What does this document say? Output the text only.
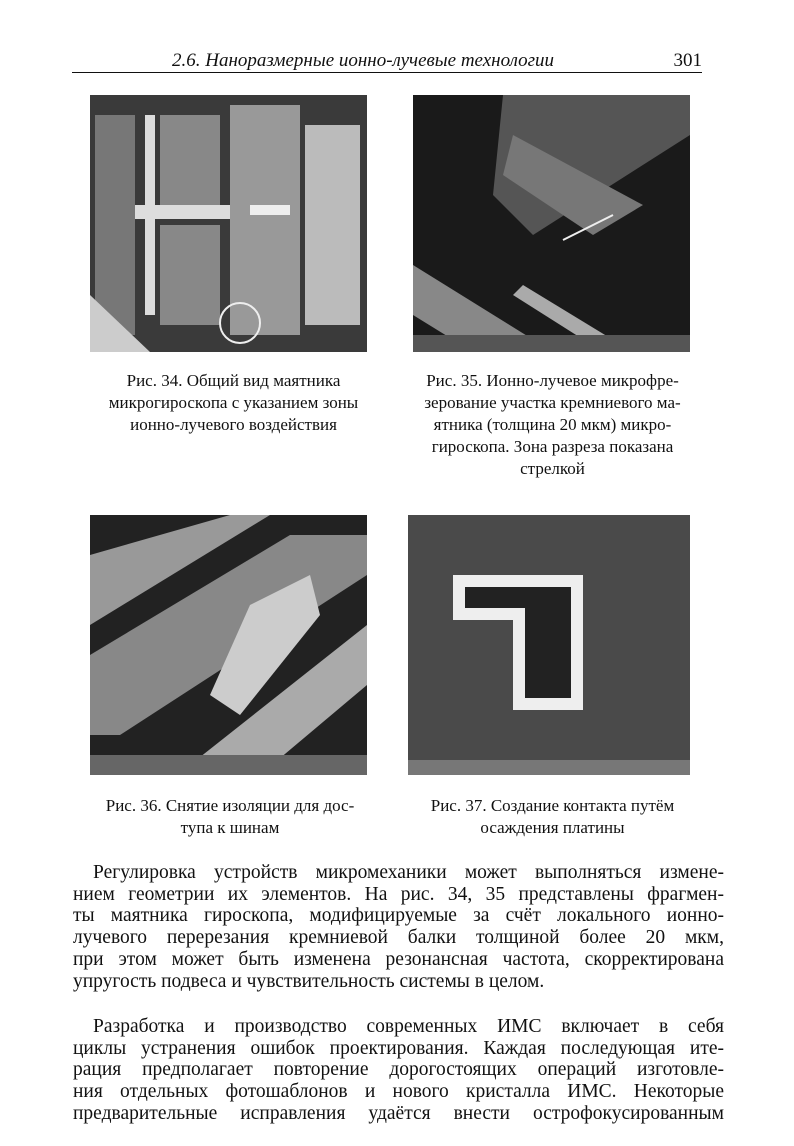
2.6. Наноразмерные ионно-лучевые технологии	301
Рис. 34. Общий вид маятника
микрогироскопа с указанием зоны
ионно-лучевого воздействия
Рис. 35. Ионно-лучевое микрофре-
зерование участка кремниевого ма-
ятника (толщина 20 мкм) микро-
гироскопа. Зона разреза показана
стрелкой
Рис. 36. Снятие изоляции для дос-
тупа к шинам
Рис. 37. Создание контакта путём
осаждения платины
Регулировка устройств микромеханики может выполняться измене-
нием геометрии их элементов. На рис. 34, 35 представлены фрагмен-
ты маятника гироскопа, модифицируемые за счёт локального ионно-
лучевого перерезания кремниевой балки толщиной более 20 мкм,
при этом может быть изменена резонансная частота, скорректирована
упругость подвеса и чувствительность системы в целом.
Разработка и производство современных ИМС включает в себя
циклы устранения ошибок проектирования. Каждая последующая ите-
рация предполагает повторение дорогостоящих операций изготовле-
ния отдельных фотошаблонов и нового кристалла ИМС. Некоторые
предварительные исправления удаётся внести острофокусированным
